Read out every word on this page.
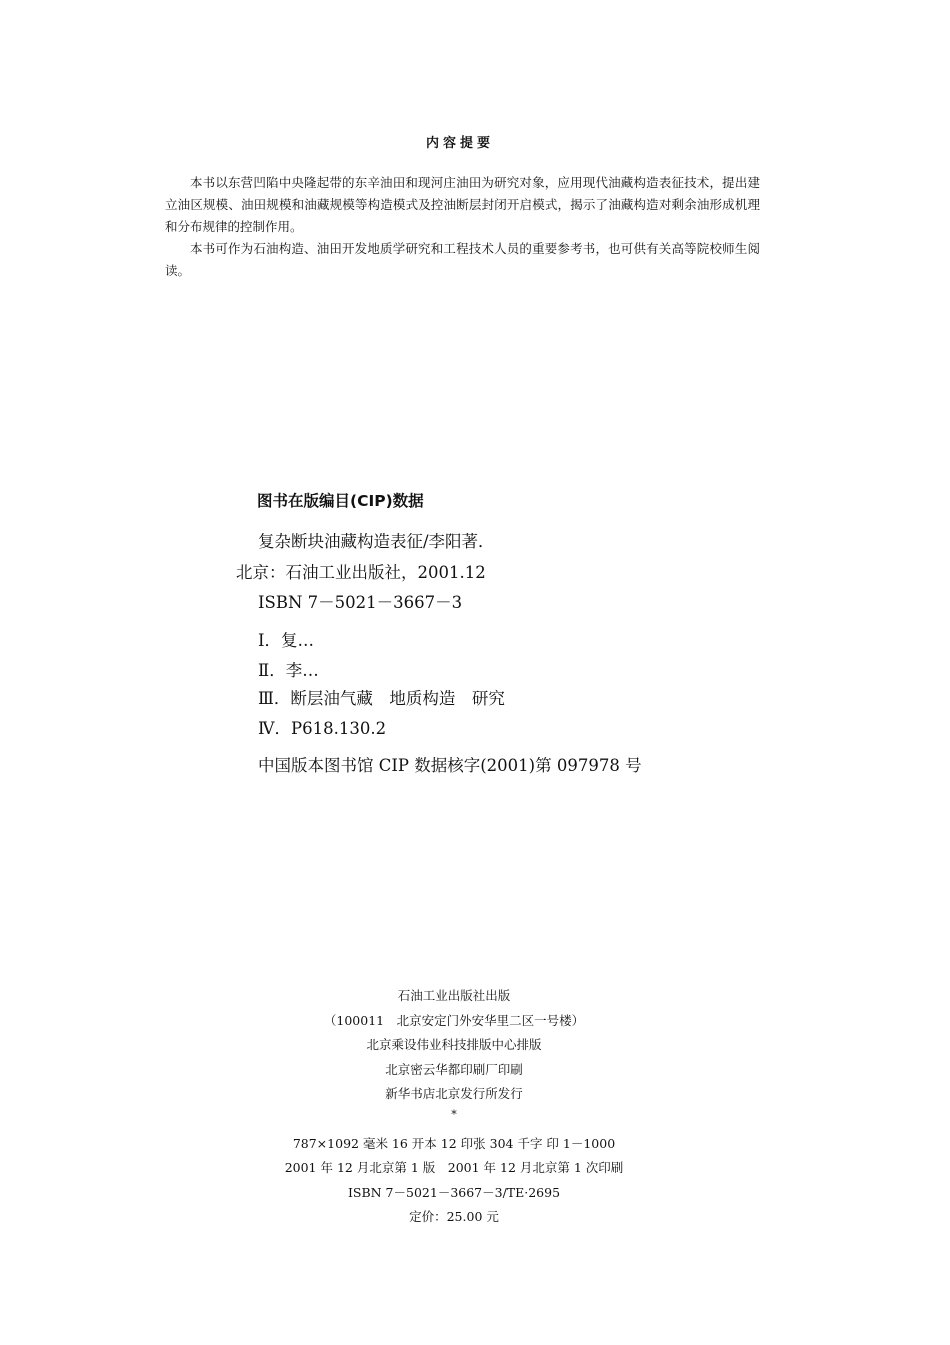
内容提要

本书以东营凹陷中央隆起带的东辛油田和现河庄油田为研究对象，应用现代油藏构造表征技术，提出建立油区规模、油田规模和油藏规模等构造模式及控油断层封闭开启模式，揭示了油藏构造对剩余油形成机理和分布规律的控制作用。

本书可作为石油构造、油田开发地质学研究和工程技术人员的重要参考书，也可供有关高等院校师生阅读。

图书在版编目(CIP)数据
复杂断块油藏构造表征/李阳著．
北京：石油工业出版社，2001.12
ISBN 7－5021－3667－3
Ⅰ．复…
Ⅱ．李…
Ⅲ．断层油气藏　地质构造　研究
Ⅳ．P618.130.2
中国版本图书馆 CIP 数据核字(2001)第 097978 号
石油工业出版社出版
（100011　北京安定门外安华里二区一号楼）
北京乘设伟业科技排版中心排版
北京密云华都印刷厂印刷
新华书店北京发行所发行
*
787×1092 毫米 16 开本 12 印张 304 千字 印 1－1000
2001 年 12 月北京第 1 版　2001 年 12 月北京第 1 次印刷
ISBN 7－5021－3667－3/TE·2695
定价：25.00 元
